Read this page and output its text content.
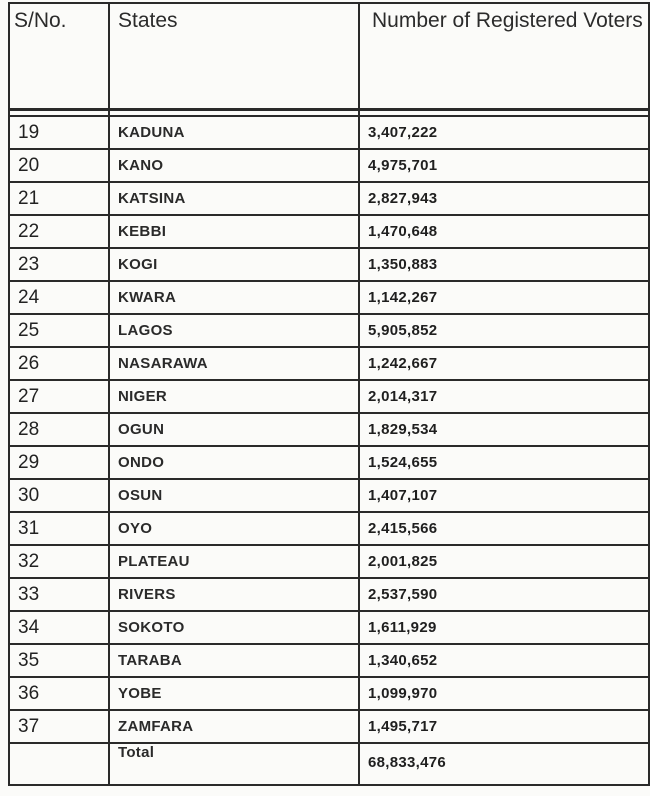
S/No.	States	Number of Registered Voters

19	KADUNA	3,407,222
20	KANO	4,975,701
21	KATSINA	2,827,943
22	KEBBI	1,470,648
23	KOGI	1,350,883
24	KWARA	1,142,267
25	LAGOS	5,905,852
26	NASARAWA	1,242,667
27	NIGER	2,014,317
28	OGUN	1,829,534
29	ONDO	1,524,655
30	OSUN	1,407,107
31	OYO	2,415,566
32	PLATEAU	2,001,825
33	RIVERS	2,537,590
34	SOKOTO	1,611,929
35	TARABA	1,340,652
36	YOBE	1,099,970
37	ZAMFARA	1,495,717
	Total	68,833,476
